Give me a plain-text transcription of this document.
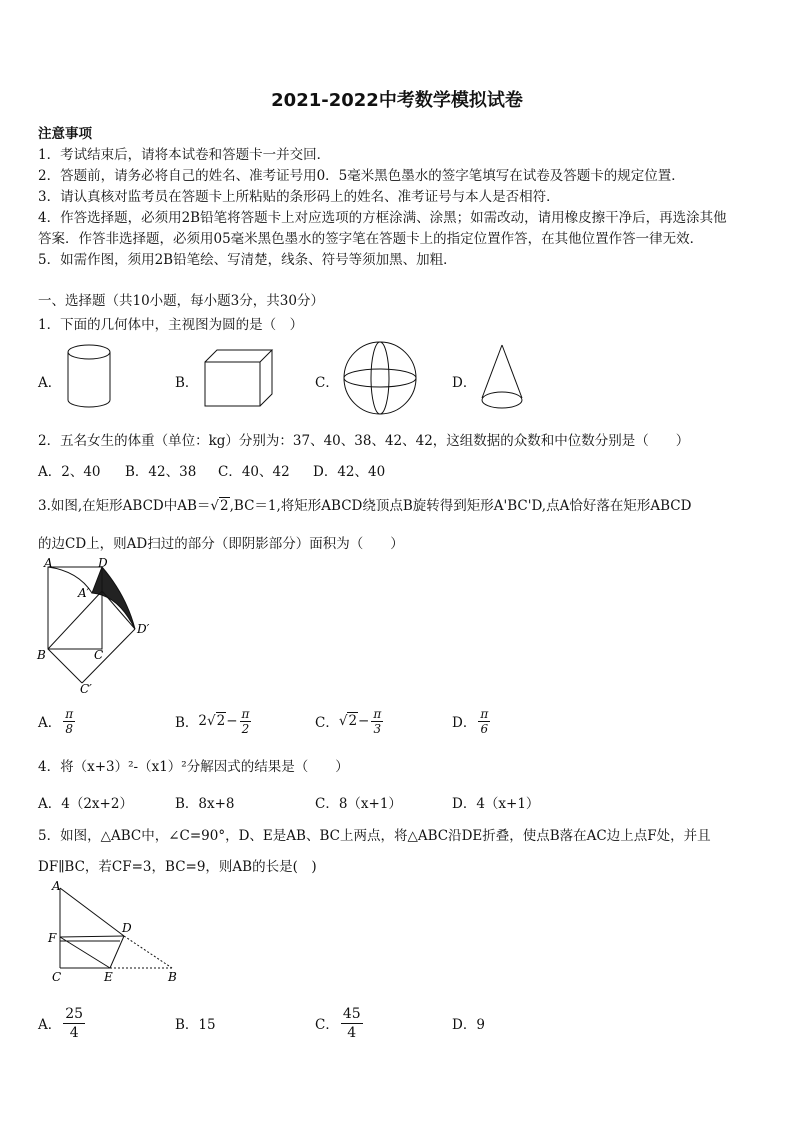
2021-2022中考数学模拟试卷
注意事项
1．考试结束后，请将本试卷和答题卡一并交回．
2．答题前，请务必将自己的姓名、准考证号用0．5毫米黑色墨水的签字笔填写在试卷及答题卡的规定位置．
3．请认真核对监考员在答题卡上所粘贴的条形码上的姓名、准考证号与本人是否相符．
4．作答选择题，必须用2B铅笔将答题卡上对应选项的方框涂满、涂黑；如需改动，请用橡皮擦干净后，再选涂其他
答案．作答非选择题，必须用05毫米黑色墨水的签字笔在答题卡上的指定位置作答，在其他位置作答一律无效．
5．如需作图，须用2B铅笔绘、写清楚，线条、符号等须加黑、加粗．
一、选择题（共10小题，每小题3分，共30分）
1．下面的几何体中，主视图为圆的是（　）
A．	B．	C．	D．
2．五名女生的体重（单位：kg）分别为：37、40、38、42、42，这组数据的众数和中位数分别是（　　）
A．2、40 B．42、38 C．40、42 D．42、40
3.如图,在矩形ABCD中AB＝√2,BC＝1,将矩形ABCD绕顶点B旋转得到矩形A'BC'D,点A恰好落在矩形ABCD
的边CD上，则AD扫过的部分（即阴影部分）面积为（　　）
A	D
A′
D′
B	C
C′
A． $\frac{\pi}{8}$	B． 2 $√2 - \frac{\pi}{2}$	C． $√2 - \frac{\pi}{3}$	D． $\frac{\pi}{6}$
4．将（x+3）²-（x1）²分解因式的结果是（　　）
A．4（2x+2）	B．8x+8	C．8（x+1）	D．4（x+1）
5．如图，△ABC中，∠C=90°，D、E是AB、BC上两点，将△ABC沿DE折叠，使点B落在AC边上点F处，并且
DF∥BC，若CF=3，BC=9，则AB的长是(　)
A
D
F
C	E	B
A． $\frac{25}{4}$	B．15	C． $\frac{45}{4}$	D．9
